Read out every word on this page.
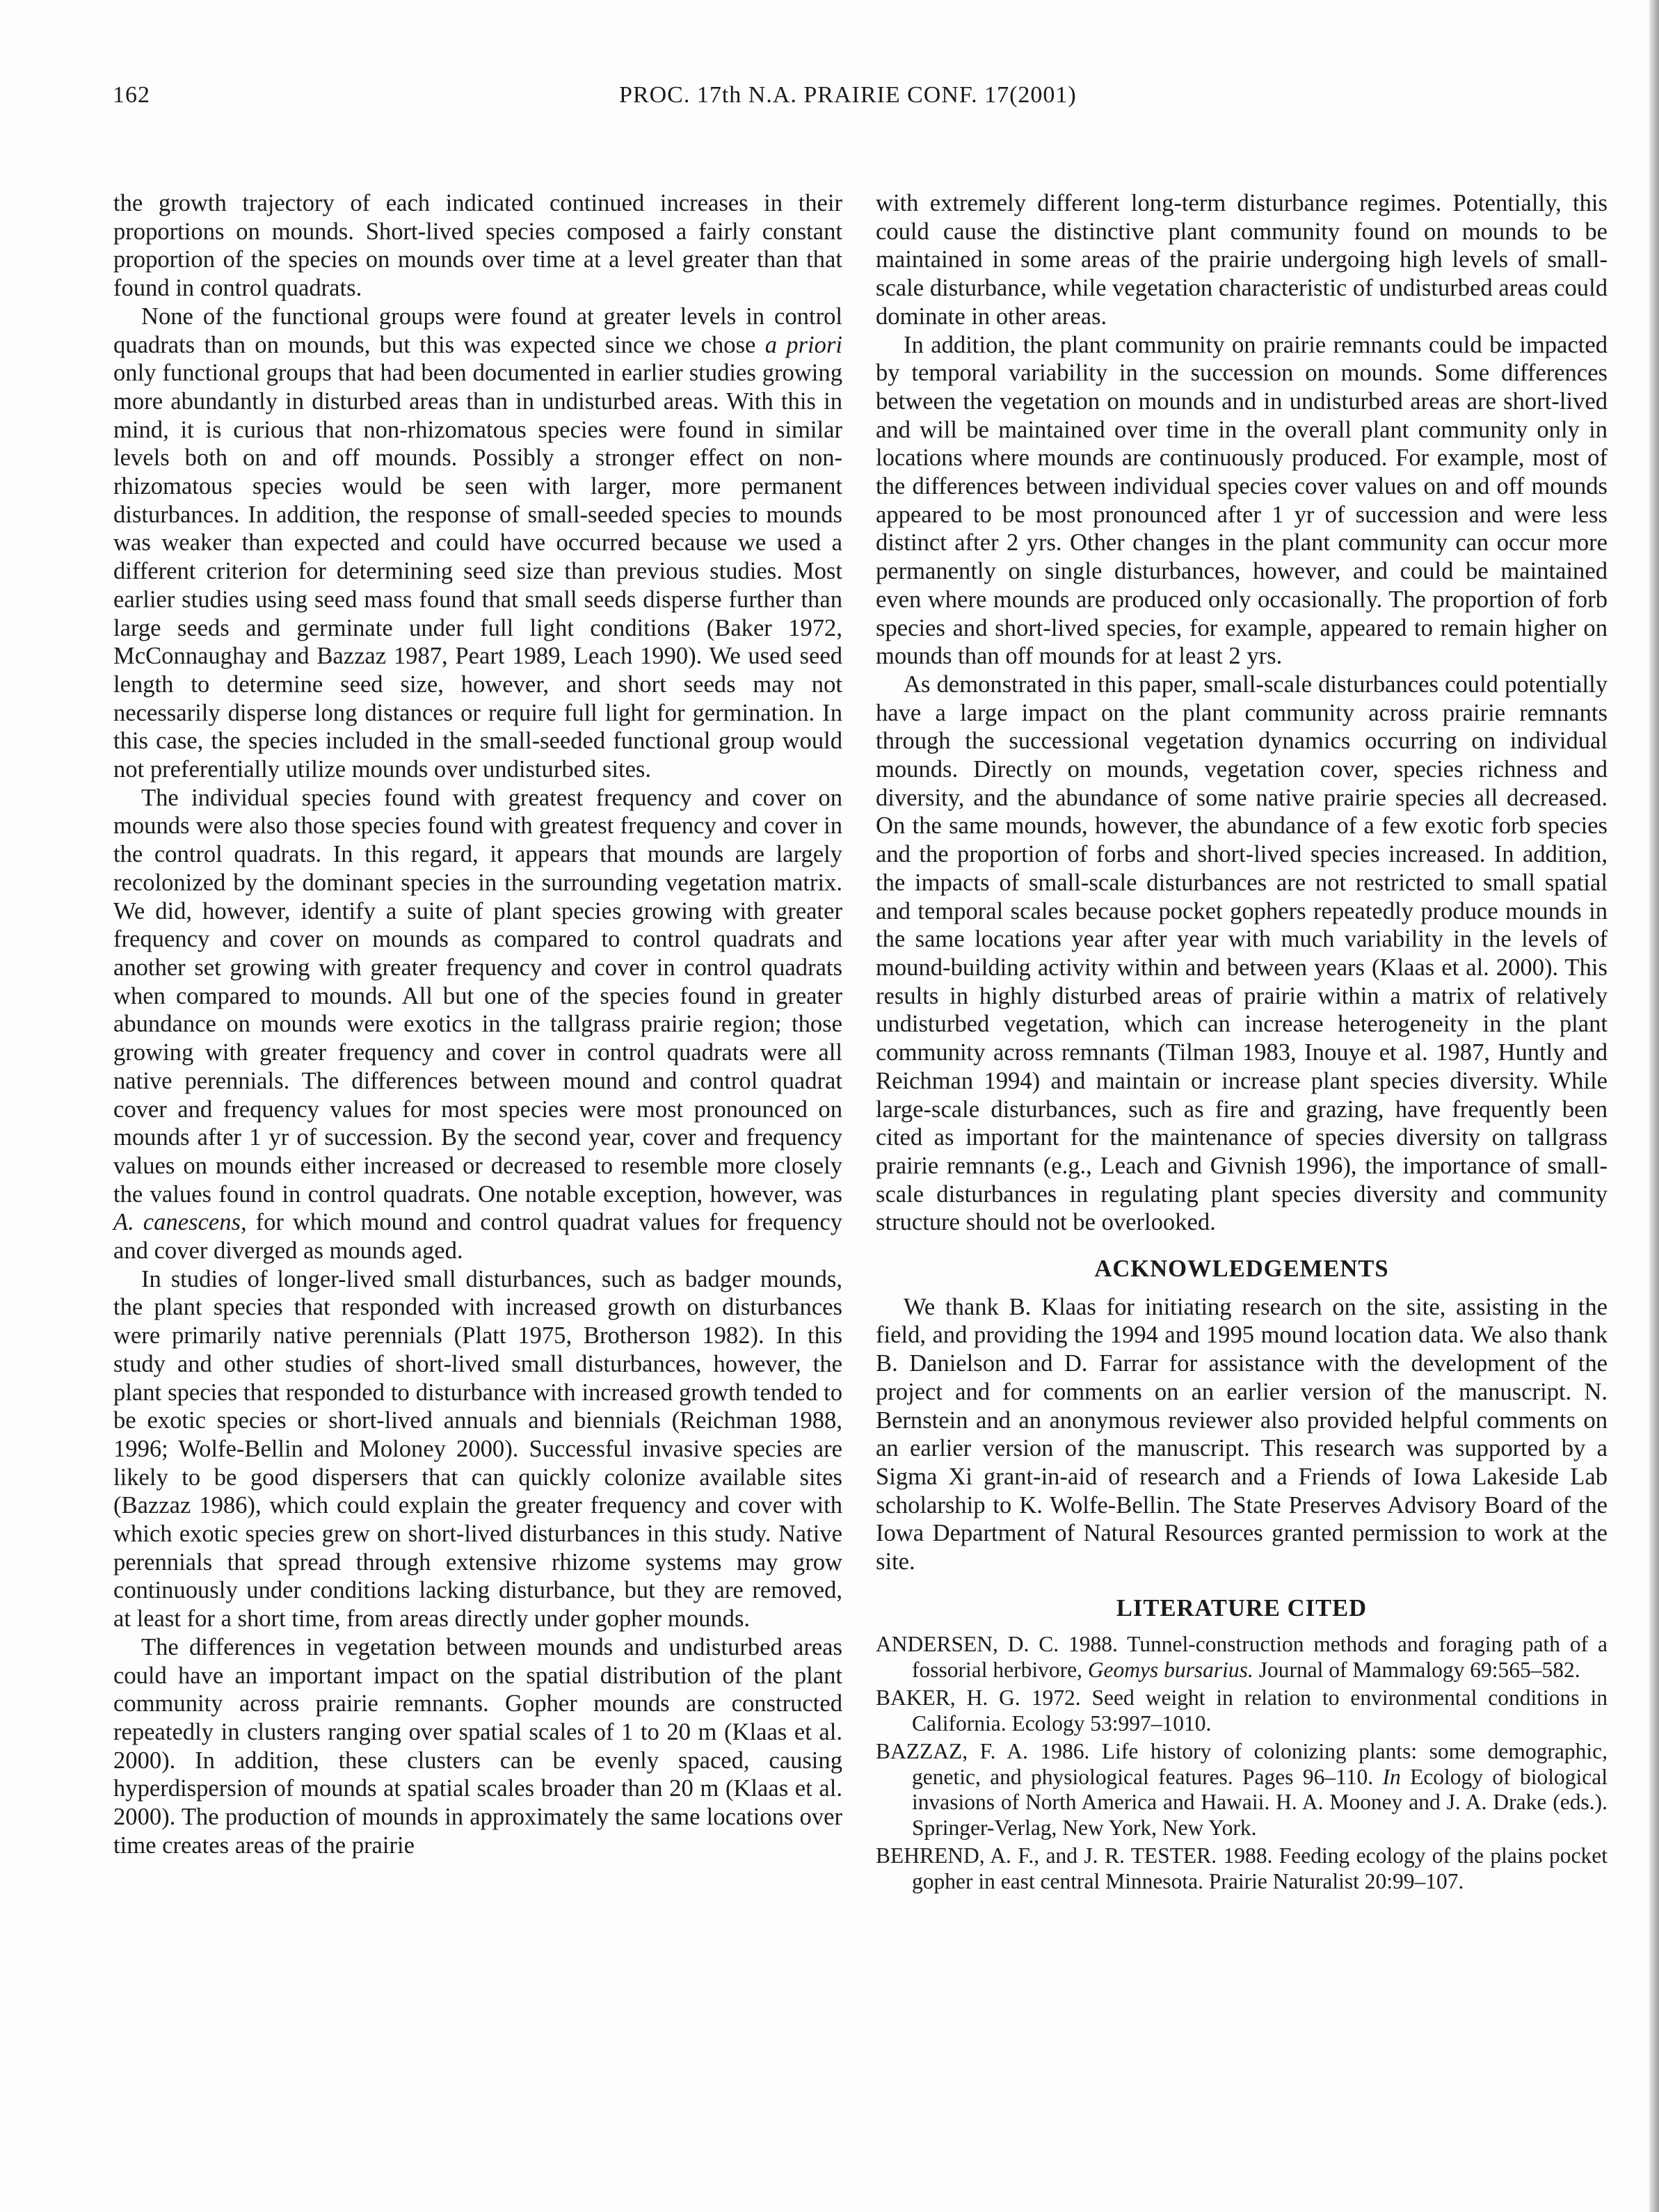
162	PROC. 17th N.A. PRAIRIE CONF. 17(2001)

the growth trajectory of each indicated continued increases in their proportions on mounds. Short-lived species composed a fairly constant proportion of the species on mounds over time at a level greater than that found in control quadrats.

None of the functional groups were found at greater levels in control quadrats than on mounds, but this was expected since we chose a priori only functional groups that had been documented in earlier studies growing more abundantly in disturbed areas than in undisturbed areas. With this in mind, it is curious that non-rhizomatous species were found in similar levels both on and off mounds. Possibly a stronger effect on non-rhizomatous species would be seen with larger, more permanent disturbances. In addition, the response of small-seeded species to mounds was weaker than expected and could have occurred because we used a different criterion for determining seed size than previous studies. Most earlier studies using seed mass found that small seeds disperse further than large seeds and germinate under full light conditions (Baker 1972, McConnaughay and Bazzaz 1987, Peart 1989, Leach 1990). We used seed length to determine seed size, however, and short seeds may not necessarily disperse long distances or require full light for germination. In this case, the species included in the small-seeded functional group would not preferentially utilize mounds over undisturbed sites.

The individual species found with greatest frequency and cover on mounds were also those species found with greatest frequency and cover in the control quadrats. In this regard, it appears that mounds are largely recolonized by the dominant species in the surrounding vegetation matrix. We did, however, identify a suite of plant species growing with greater frequency and cover on mounds as compared to control quadrats and another set growing with greater frequency and cover in control quadrats when compared to mounds. All but one of the species found in greater abundance on mounds were exotics in the tallgrass prairie region; those growing with greater frequency and cover in control quadrats were all native perennials. The differences between mound and control quadrat cover and frequency values for most species were most pronounced on mounds after 1 yr of succession. By the second year, cover and frequency values on mounds either increased or decreased to resemble more closely the values found in control quadrats. One notable exception, however, was A. canescens, for which mound and control quadrat values for frequency and cover diverged as mounds aged.

In studies of longer-lived small disturbances, such as badger mounds, the plant species that responded with increased growth on disturbances were primarily native perennials (Platt 1975, Brotherson 1982). In this study and other studies of short-lived small disturbances, however, the plant species that responded to disturbance with increased growth tended to be exotic species or short-lived annuals and biennials (Reichman 1988, 1996; Wolfe-Bellin and Moloney 2000). Successful invasive species are likely to be good dispersers that can quickly colonize available sites (Bazzaz 1986), which could explain the greater frequency and cover with which exotic species grew on short-lived disturbances in this study. Native perennials that spread through extensive rhizome systems may grow continuously under conditions lacking disturbance, but they are removed, at least for a short time, from areas directly under gopher mounds.

The differences in vegetation between mounds and undisturbed areas could have an important impact on the spatial distribution of the plant community across prairie remnants. Gopher mounds are constructed repeatedly in clusters ranging over spatial scales of 1 to 20 m (Klaas et al. 2000). In addition, these clusters can be evenly spaced, causing hyperdispersion of mounds at spatial scales broader than 20 m (Klaas et al. 2000). The production of mounds in approximately the same locations over time creates areas of the prairie

with extremely different long-term disturbance regimes. Potentially, this could cause the distinctive plant community found on mounds to be maintained in some areas of the prairie undergoing high levels of small-scale disturbance, while vegetation characteristic of undisturbed areas could dominate in other areas.

In addition, the plant community on prairie remnants could be impacted by temporal variability in the succession on mounds. Some differences between the vegetation on mounds and in undisturbed areas are short-lived and will be maintained over time in the overall plant community only in locations where mounds are continuously produced. For example, most of the differences between individual species cover values on and off mounds appeared to be most pronounced after 1 yr of succession and were less distinct after 2 yrs. Other changes in the plant community can occur more permanently on single disturbances, however, and could be maintained even where mounds are produced only occasionally. The proportion of forb species and short-lived species, for example, appeared to remain higher on mounds than off mounds for at least 2 yrs.

As demonstrated in this paper, small-scale disturbances could potentially have a large impact on the plant community across prairie remnants through the successional vegetation dynamics occurring on individual mounds. Directly on mounds, vegetation cover, species richness and diversity, and the abundance of some native prairie species all decreased. On the same mounds, however, the abundance of a few exotic forb species and the proportion of forbs and short-lived species increased. In addition, the impacts of small-scale disturbances are not restricted to small spatial and temporal scales because pocket gophers repeatedly produce mounds in the same locations year after year with much variability in the levels of mound-building activity within and between years (Klaas et al. 2000). This results in highly disturbed areas of prairie within a matrix of relatively undisturbed vegetation, which can increase heterogeneity in the plant community across remnants (Tilman 1983, Inouye et al. 1987, Huntly and Reichman 1994) and maintain or increase plant species diversity. While large-scale disturbances, such as fire and grazing, have frequently been cited as important for the maintenance of species diversity on tallgrass prairie remnants (e.g., Leach and Givnish 1996), the importance of small-scale disturbances in regulating plant species diversity and community structure should not be overlooked.

ACKNOWLEDGEMENTS

We thank B. Klaas for initiating research on the site, assisting in the field, and providing the 1994 and 1995 mound location data. We also thank B. Danielson and D. Farrar for assistance with the development of the project and for comments on an earlier version of the manuscript. N. Bernstein and an anonymous reviewer also provided helpful comments on an earlier version of the manuscript. This research was supported by a Sigma Xi grant-in-aid of research and a Friends of Iowa Lakeside Lab scholarship to K. Wolfe-Bellin. The State Preserves Advisory Board of the Iowa Department of Natural Resources granted permission to work at the site.

LITERATURE CITED
ANDERSEN, D. C. 1988. Tunnel-construction methods and foraging path of a fossorial herbivore, Geomys bursarius. Journal of Mammalogy 69:565–582.
BAKER, H. G. 1972. Seed weight in relation to environmental conditions in California. Ecology 53:997–1010.
BAZZAZ, F. A. 1986. Life history of colonizing plants: some demographic, genetic, and physiological features. Pages 96–110. In Ecology of biological invasions of North America and Hawaii. H. A. Mooney and J. A. Drake (eds.). Springer-Verlag, New York, New York.
BEHREND, A. F., and J. R. TESTER. 1988. Feeding ecology of the plains pocket gopher in east central Minnesota. Prairie Naturalist 20:99–107.
